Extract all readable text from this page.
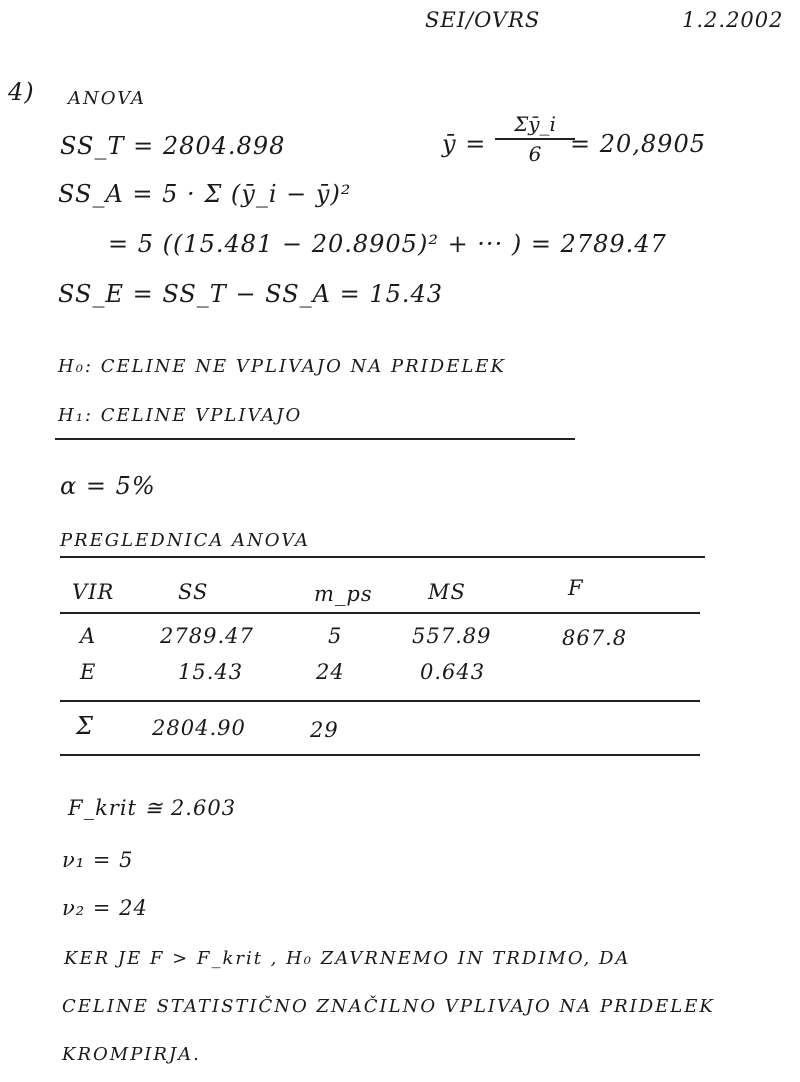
SEI/OVRS	1.2.2002
4) ANOVA
SS_T = 2804.898	ȳ = $\frac{\Sigma ȳ\_i}{6}$
= 20,8905
SS_A = 5 · Σ (ȳ_i − ȳ)²
= 5 ((15.481 − 20.8905)² + ··· ) = 2789.47
SS_E = SS_T − SS_A = 15.43
H₀: CELINE NE VPLIVAJO NA PRIDELEK
H₁: CELINE VPLIVAJO
α = 5%
PREGLEDNICA ANOVA
VIR	SS	m_ps	MS	F
A	2789.47	5	557.89	867.8
E	15.43	24	0.643
Σ	2804.90	29
F_krit ≅ 2.603
ν₁ = 5
ν₂ = 24
KER JE F > F_krit , H₀ ZAVRNEMO IN TRDIMO, DA
CELINE STATISTIČNO ZNAČILNO VPLIVAJO NA PRIDELEK
KROMPIRJA.
